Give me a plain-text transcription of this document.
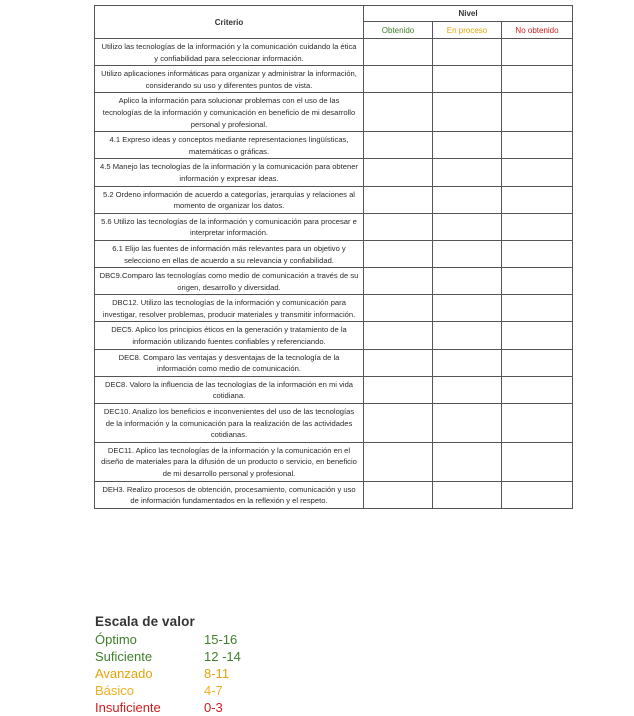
Criterio	Nivel		
	Obtenido	En proceso	No obtenido
Utilizo las tecnologías de la información y la comunicación cuidando la ética y confiabilidad para seleccionar información.			
Utilizo aplicaciones informáticas para organizar y administrar la información, considerando su uso y diferentes puntos de vista.			
Aplico la información para solucionar problemas con el uso de las tecnologías de la información y comunicación en beneficio de mi desarrollo personal y profesional.			
4.1 Expreso ideas y conceptos mediante representaciones lingüísticas, matemáticas o gráficas.			
4.5 Manejo las tecnologías de la información y la comunicación para obtener información y expresar ideas.			
5.2 Ordeno información de acuerdo a categorías, jerarquías y relaciones al momento de organizar los datos.			
5.6 Utilizo las tecnologías de la información y comunicación para procesar e interpretar información.			
6.1 Elijo las fuentes de información más relevantes para un objetivo y selecciono en ellas de acuerdo a su relevancia y confiabilidad.			
DBC9.Comparo las tecnologías como medio de comunicación a través de su origen, desarrollo y diversidad.			
DBC12. Utilizo las tecnologías de la información y comunicación para investigar, resolver problemas, producir materiales y transmitir información.			
DEC5. Aplico los principios éticos en la generación y tratamiento de la información utilizando fuentes confiables y referenciando.			
DEC8. Comparo las ventajas y desventajas de la tecnología de la información como medio de comunicación.			
DEC8. Valoro la influencia de las tecnologías de la información en mi vida cotidiana.			
DEC10. Analizo los beneficios e inconvenientes del uso de las tecnologías de la información y la comunicación para la realización de las actividades cotidianas.			
DEC11. Aplico las tecnologías de la información y la comunicación en el diseño de materiales para la difusión de un producto o servicio, en beneficio de mi desarrollo personal y profesional.			
DEH3. Realizo procesos de obtención, procesamiento, comunicación y uso de información fundamentados en la reflexión y el respeto.			
Escala de valor
Óptimo	15-16
Suficiente	12 -14
Avanzado	8-11
Básico	4-7
Insuficiente	0-3
